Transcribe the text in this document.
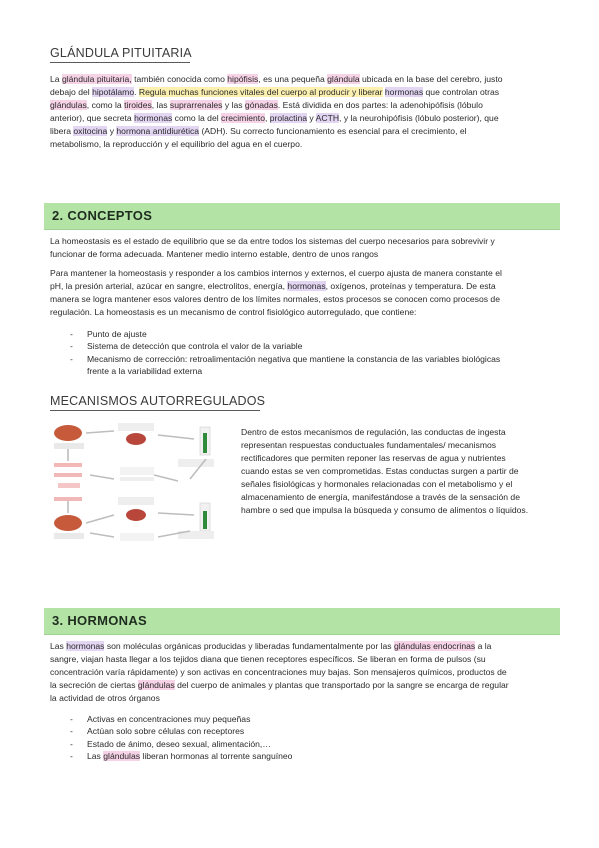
GLÁNDULA PITUITARIA
La glándula pituitaria, también conocida como hipófisis, es una pequeña glándula ubicada en la base del cerebro, justo
debajo del hipotálamo. Regula muchas funciones vitales del cuerpo al producir y liberar hormonas que controlan otras
glándulas, como la tiroides, las suprarrenales y las gónadas. Está dividida en dos partes: la adenohipófisis (lóbulo
anterior), que secreta hormonas como la del crecimiento, prolactina y ACTH, y la neurohipófisis (lóbulo posterior), que
libera oxitocina y hormona antidiurética (ADH). Su correcto funcionamiento es esencial para el crecimiento, el
metabolismo, la reproducción y el equilibrio del agua en el cuerpo.
2. CONCEPTOS
La homeostasis es el estado de equilibrio que se da entre todos los sistemas del cuerpo necesarios para sobrevivir y
funcionar de forma adecuada. Mantener medio interno estable, dentro de unos rangos
Para mantener la homeostasis y responder a los cambios internos y externos, el cuerpo ajusta de manera constante el
pH, la presión arterial, azúcar en sangre, electrolitos, energía, hormonas, oxígenos, proteínas y temperatura. De esta
manera se logra mantener esos valores dentro de los límites normales, estos procesos se conocen como procesos de
regulación. La homeostasis es un mecanismo de control fisiológico autorregulado, que contiene:
- Punto de ajuste
- Sistema de detección que controla el valor de la variable
- Mecanismo de corrección: retroalimentación negativa que mantiene la constancia de las variables biológicas
frente a la variabilidad externa
MECANISMOS AUTORREGULADOS
Dentro de estos mecanismos de regulación, las conductas de ingesta
representan respuestas conductuales fundamentales/ mecanismos
rectificadores que permiten reponer las reservas de agua y nutrientes
cuando estas se ven comprometidas. Estas conductas surgen a partir de
señales fisiológicas y hormonales relacionadas con el metabolismo y el
almacenamiento de energía, manifestándose a través de la sensación de
hambre o sed que impulsa la búsqueda y consumo de alimentos o líquidos.
3. HORMONAS
Las hormonas son moléculas orgánicas producidas y liberadas fundamentalmente por las glándulas endocrinas a la
sangre, viajan hasta llegar a los tejidos diana que tienen receptores específicos. Se liberan en forma de pulsos (su
concentración varía rápidamente) y son activas en concentraciones muy bajas. Son mensajeros químicos, productos de
la secreción de ciertas glándulas del cuerpo de animales y plantas que transportado por la sangre se encarga de regular
la actividad de otros órganos
- Activas en concentraciones muy pequeñas
- Actúan solo sobre células con receptores
- Estado de ánimo, deseo sexual, alimentación,…
- Las glándulas liberan hormonas al torrente sanguíneo
